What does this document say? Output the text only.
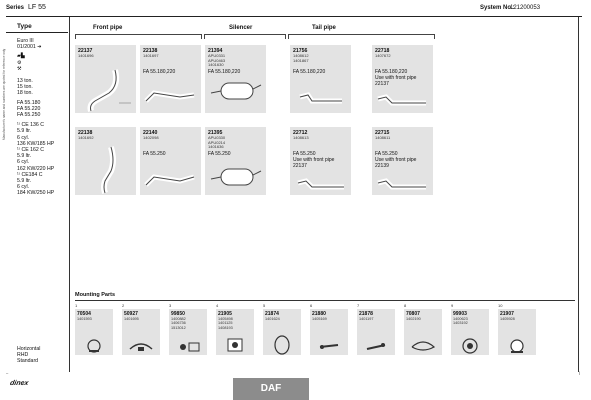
Series LF 55	System No.:
121200053
Type
Manufacturer's name and numbers are quoted for reference only
Euro III
01/2001 ➔
▰▙
⚙
⚒
13 ton.
15 ton.
18 ton.
FA 55.180
FA 55.220
FA 55.250
¹⁾ CE 136 C
5.9 ltr.
6 cyl.
136 KW/185 HP
¹⁾ CE 162 C
5.9 ltr.
6 cyl.
162 KW/220 HP
¹⁾ CE184 C
5.9 ltr.
6 cyl.
184 KW/250 HP
Horizontal
RHD
Standard
Front pipe	Silencer	Tail pipe
22137
1401696
22138
1401697
FA 55.180,220
21394
APU0331
APU0463
1401630
FA 55.180,220
21756
1408612
1401867
FA 55.180,220
22718
1407672
FA 55.180,220
Use with front pipe
22137
22138
1401692
22140
1402098
FA 55.250
21395
APU0330
APU0214
1401636
FA 55.250
22712
1408613
FA 55.250
Use with front pipe
22137
22715
1408611
FA 55.250
Use with front pipe
22139
Mounting Parts
1
70504
1401593
2
50927
1401695
3
99850
1400882
1406736
1513012
4
21905
1405498
1401125
1408193
5
21874
1401624
6
21880
1405169
7
21878
1401197
8
70807
1402190
9
99903
1400623
1403192
10
21907
1405928
dinex	DAF
–	|
